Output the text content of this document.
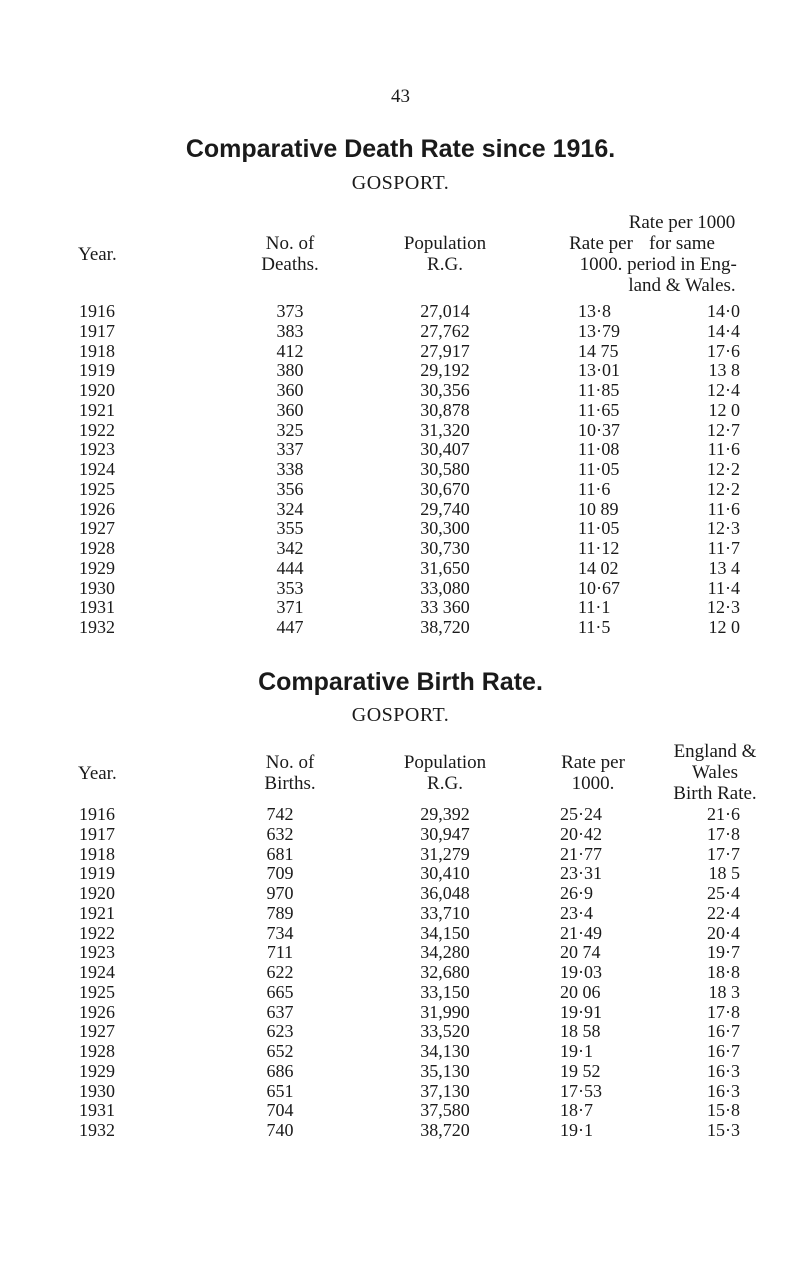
43
Comparative Death Rate since 1916.
GOSPORT.
Year.
No. of
Deaths.
Population
R.G.
Rate per
1000.
Rate per 1000
for same
period in Eng-
land & Wales.
1916	373	27,014	13·8	14·0
1917	383	27,762	13·79	14·4
1918	412	27,917	14 75	17·6
1919	380	29,192	13·01	13 8
1920	360	30,356	11·85	12·4
1921	360	30,878	11·65	12 0
1922	325	31,320	10·37	12·7
1923	337	30,407	11·08	11·6
1924	338	30,580	11·05	12·2
1925	356	30,670	11·6	12·2
1926	324	29,740	10 89	11·6
1927	355	30,300	11·05	12·3
1928	342	30,730	11·12	11·7
1929	444	31,650	14 02	13 4
1930	353	33,080	10·67	11·4
1931	371	33 360	11·1	12·3
1932	447	38,720	11·5	12 0
Comparative Birth Rate.
GOSPORT.
Year.
No. of
Births.
Population
R.G.
Rate per
1000.
England &
Wales
Birth Rate.
1916	742	29,392	25·24	21·6
1917	632	30,947	20·42	17·8
1918	681	31,279	21·77	17·7
1919	709	30,410	23·31	18 5
1920	970	36,048	26·9	25·4
1921	789	33,710	23·4	22·4
1922	734	34,150	21·49	20·4
1923	711	34,280	20 74	19·7
1924	622	32,680	19·03	18·8
1925	665	33,150	20 06	18 3
1926	637	31,990	19·91	17·8
1927	623	33,520	18 58	16·7
1928	652	34,130	19·1	16·7
1929	686	35,130	19 52	16·3
1930	651	37,130	17·53	16·3
1931	704	37,580	18·7	15·8
1932	740	38,720	19·1	15·3
